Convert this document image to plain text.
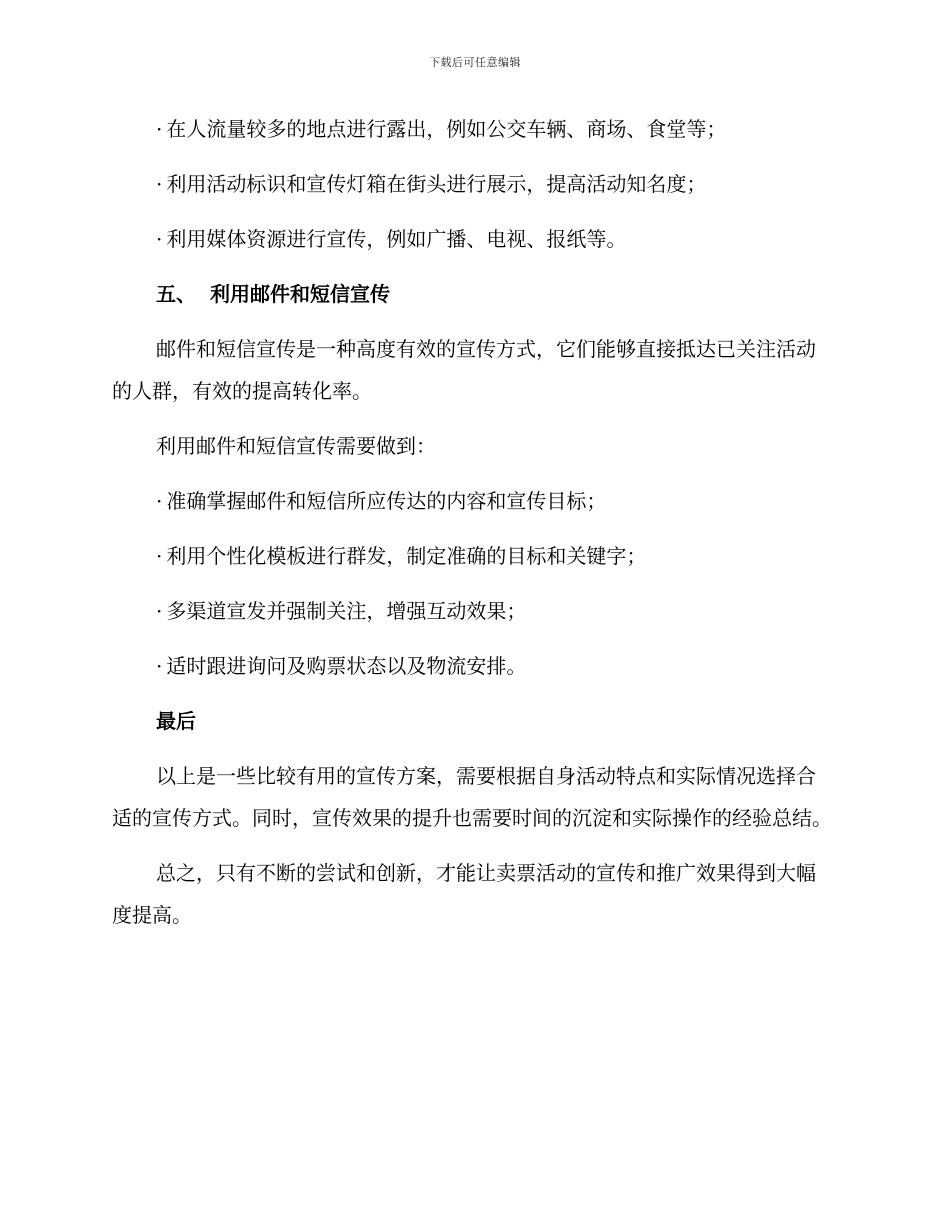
下载后可任意编辑
· 在人流量较多的地点进行露出，例如公交车辆、商场、食堂等；
· 利用活动标识和宣传灯箱在街头进行展示，提高活动知名度；
· 利用媒体资源进行宣传，例如广播、电视、报纸等。
五、 利用邮件和短信宣传

邮件和短信宣传是一种高度有效的宣传方式，它们能够直接抵达已关注活动的人群，有效的提高转化率。

利用邮件和短信宣传需要做到：
· 准确掌握邮件和短信所应传达的内容和宣传目标；
· 利用个性化模板进行群发，制定准确的目标和关键字；
· 多渠道宣发并强制关注，增强互动效果；
· 适时跟进询问及购票状态以及物流安排。
最后

以上是一些比较有用的宣传方案，需要根据自身活动特点和实际情况选择合适的宣传方式。同时，宣传效果的提升也需要时间的沉淀和实际操作的经验总结。

总之，只有不断的尝试和创新，才能让卖票活动的宣传和推广效果得到大幅度提高。
